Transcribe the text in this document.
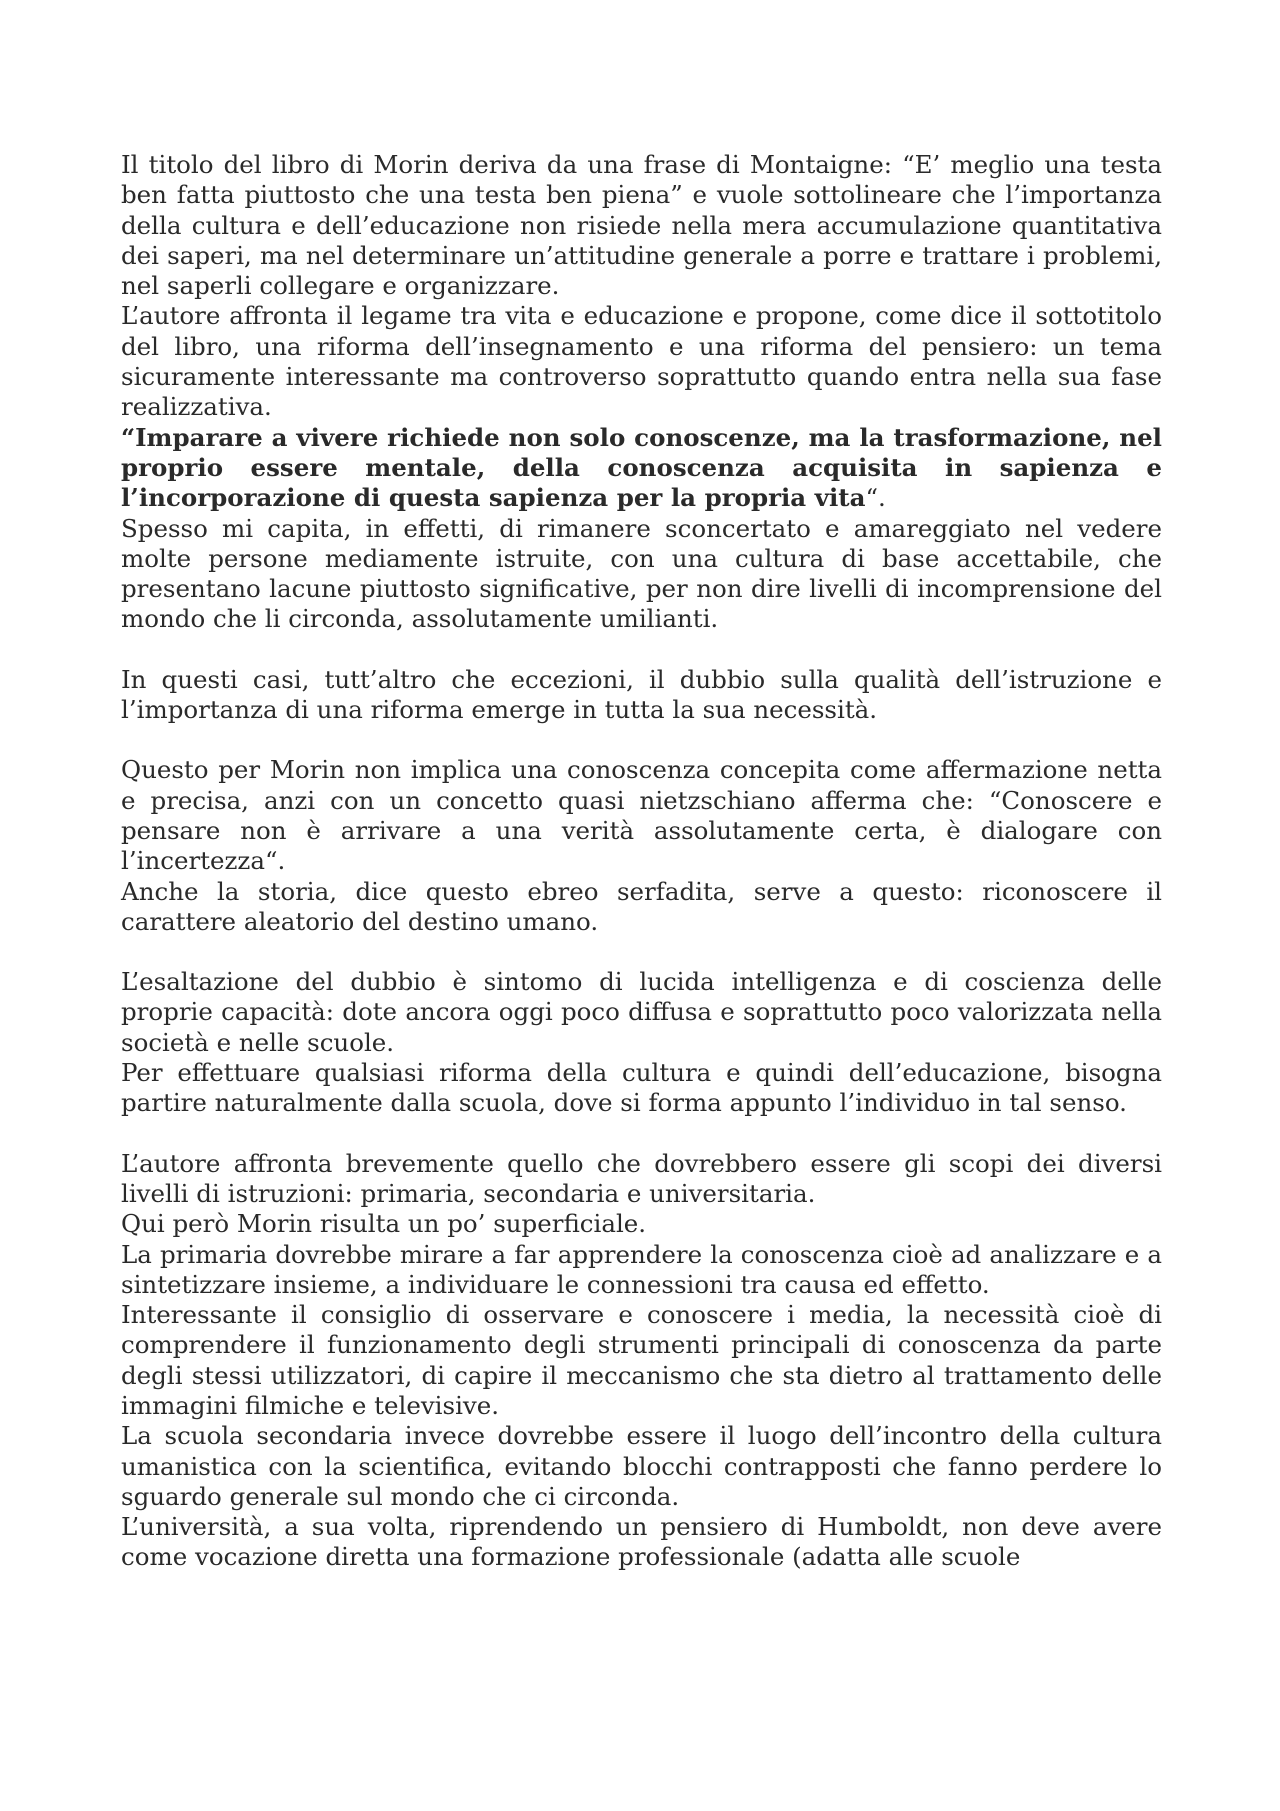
Il titolo del libro di Morin deriva da una frase di Montaigne: “E’ meglio una testa ben fatta piuttosto che una testa ben piena” e vuole sottolineare che l’importanza della cultura e dell’educazione non risiede nella mera accumulazione quantitativa dei saperi, ma nel determinare un’attitudine generale a porre e trattare i problemi, nel saperli collegare e organizzare.

L’autore affronta il legame tra vita e educazione e propone, come dice il sottotitolo del libro, una riforma dell’insegnamento e una riforma del pensiero: un tema sicuramente interessante ma controverso soprattutto quando entra nella sua fase realizzativa.

“Imparare a vivere richiede non solo conoscenze, ma la trasformazione, nel proprio essere mentale, della conoscenza acquisita in sapienza e l’incorporazione di questa sapienza per la propria vita“.

Spesso mi capita, in effetti, di rimanere sconcertato e amareggiato nel vedere molte persone mediamente istruite, con una cultura di base accettabile, che presentano lacune piuttosto significative, per non dire livelli di incomprensione del mondo che li circonda, assolutamente umilianti.

In questi casi, tutt’altro che eccezioni, il dubbio sulla qualità dell’istruzione e l’importanza di una riforma emerge in tutta la sua necessità.

Questo per Morin non implica una conoscenza concepita come affermazione netta e precisa, anzi con un concetto quasi nietzschiano afferma che: “Conoscere e pensare non è arrivare a una verità assolutamente certa, è dialogare con l’incertezza“.

Anche la storia, dice questo ebreo serfadita, serve a questo: riconoscere il carattere aleatorio del destino umano.

L’esaltazione del dubbio è sintomo di lucida intelligenza e di coscienza delle proprie capacità: dote ancora oggi poco diffusa e soprattutto poco valorizzata nella società e nelle scuole.

Per effettuare qualsiasi riforma della cultura e quindi dell’educazione, bisogna partire naturalmente dalla scuola, dove si forma appunto l’individuo in tal senso.

L’autore affronta brevemente quello che dovrebbero essere gli scopi dei diversi livelli di istruzioni: primaria, secondaria e universitaria.

Qui però Morin risulta un po’ superficiale.

La primaria dovrebbe mirare a far apprendere la conoscenza cioè ad analizzare e a sintetizzare insieme, a individuare le connessioni tra causa ed effetto.

Interessante il consiglio di osservare e conoscere i media, la necessità cioè di comprendere il funzionamento degli strumenti principali di conoscenza da parte degli stessi utilizzatori, di capire il meccanismo che sta dietro al trattamento delle immagini filmiche e televisive.

La scuola secondaria invece dovrebbe essere il luogo dell’incontro della cultura umanistica con la scientifica, evitando blocchi contrapposti che fanno perdere lo sguardo generale sul mondo che ci circonda.

L’università, a sua volta, riprendendo un pensiero di Humboldt, non deve avere come vocazione diretta una formazione professionale (adatta alle scuole
